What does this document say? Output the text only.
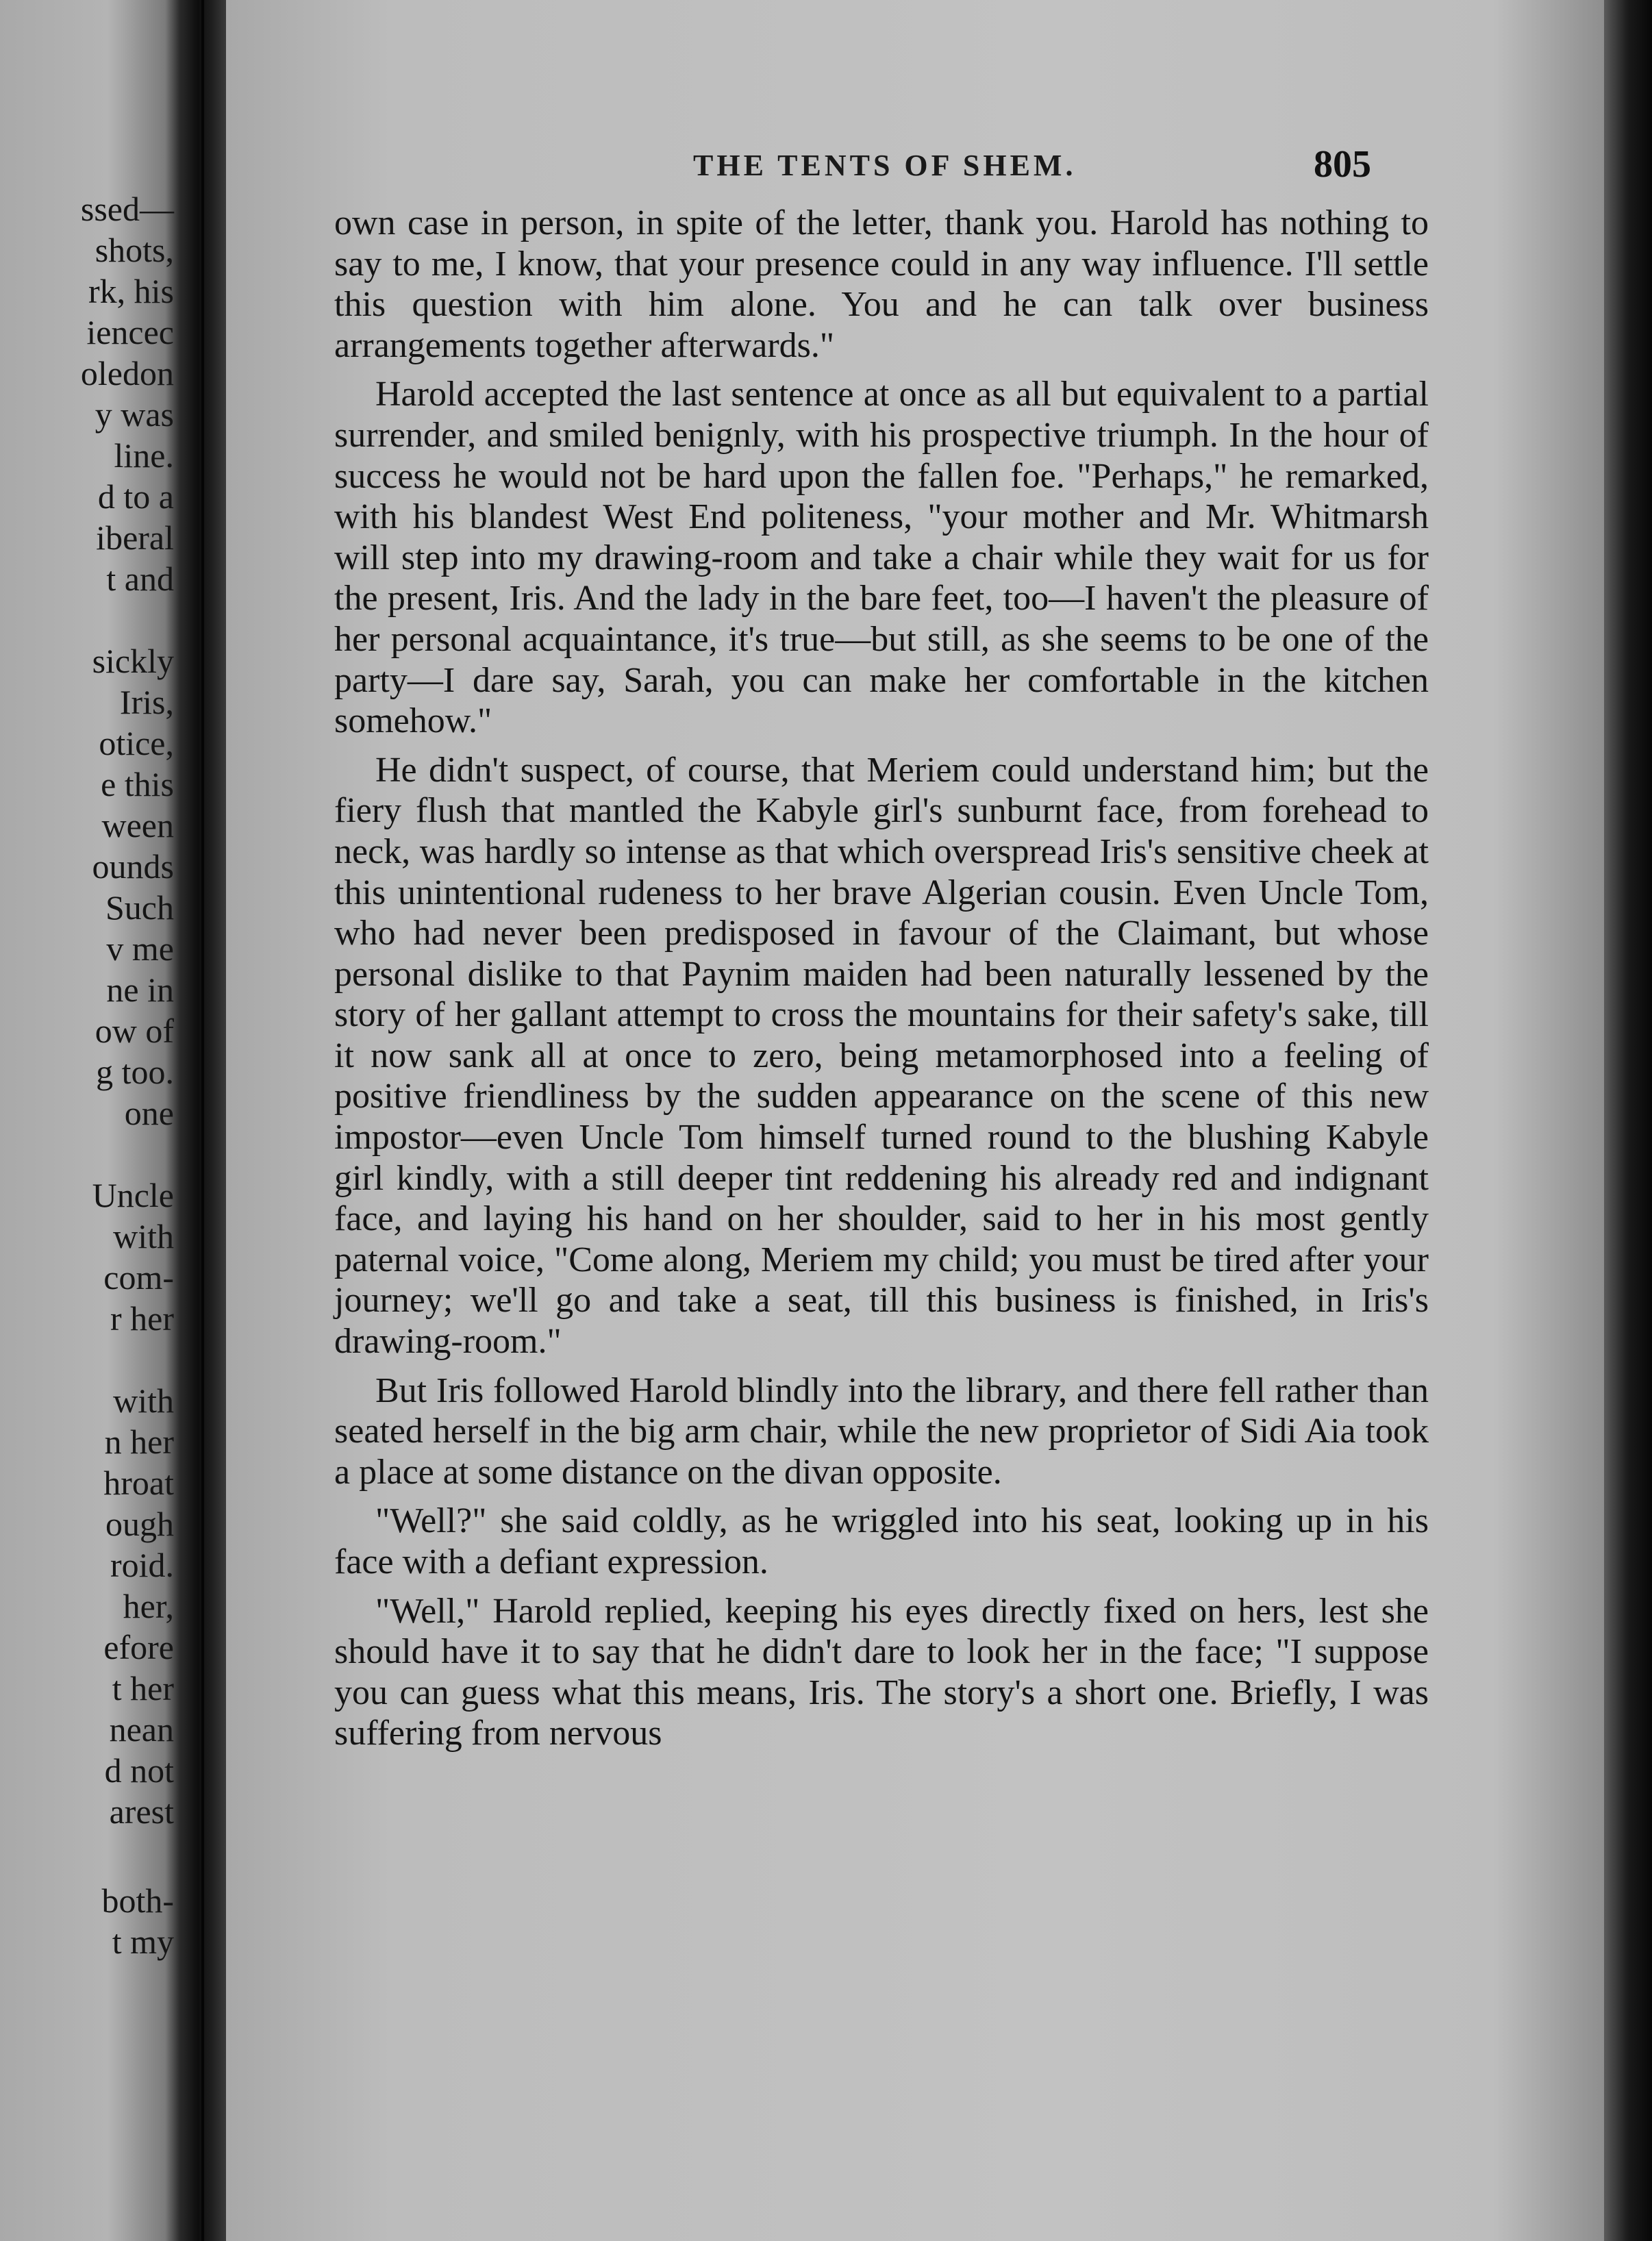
ssed—
shots,
rk, his
iencec
oledon
y was
line.
d to a
iberal
t and
sickly
Iris,
otice,
e this
ween
ounds
Such
v me
ne in
ow of
g too.
one
Uncle
with
com-
r her
with
n her
hroat
ough
roid.
her,
efore
t her
nean
d not
arest
both-
t my
THE TENTS OF SHEM.	805

own case in person, in spite of the letter, thank you. Harold has nothing to say to me, I know, that your presence could in any way influence. I'll settle this question with him alone. You and he can talk over business arrangements together afterwards."

Harold accepted the last sentence at once as all but equivalent to a partial surrender, and smiled benignly, with his prospective triumph. In the hour of success he would not be hard upon the fallen foe. "Perhaps," he remarked, with his blandest West End politeness, "your mother and Mr. Whitmarsh will step into my drawing-room and take a chair while they wait for us for the present, Iris. And the lady in the bare feet, too—I haven't the pleasure of her personal acquaintance, it's true—but still, as she seems to be one of the party—I dare say, Sarah, you can make her comfortable in the kitchen somehow."

He didn't suspect, of course, that Meriem could understand him; but the fiery flush that mantled the Kabyle girl's sunburnt face, from forehead to neck, was hardly so intense as that which overspread Iris's sensitive cheek at this unintentional rudeness to her brave Algerian cousin. Even Uncle Tom, who had never been predisposed in favour of the Claimant, but whose personal dislike to that Paynim maiden had been naturally lessened by the story of her gallant attempt to cross the mountains for their safety's sake, till it now sank all at once to zero, being metamorphosed into a feeling of positive friendliness by the sudden appearance on the scene of this new impostor—even Uncle Tom himself turned round to the blushing Kabyle girl kindly, with a still deeper tint reddening his already red and indignant face, and laying his hand on her shoulder, said to her in his most gently paternal voice, "Come along, Meriem my child; you must be tired after your journey; we'll go and take a seat, till this business is finished, in Iris's drawing-room."

But Iris followed Harold blindly into the library, and there fell rather than seated herself in the big arm chair, while the new proprietor of Sidi Aia took a place at some distance on the divan opposite.

"Well?" she said coldly, as he wriggled into his seat, looking up in his face with a defiant expression.

"Well," Harold replied, keeping his eyes directly fixed on hers, lest she should have it to say that he didn't dare to look her in the face; "I suppose you can guess what this means, Iris. The story's a short one. Briefly, I was suffering from nervous
